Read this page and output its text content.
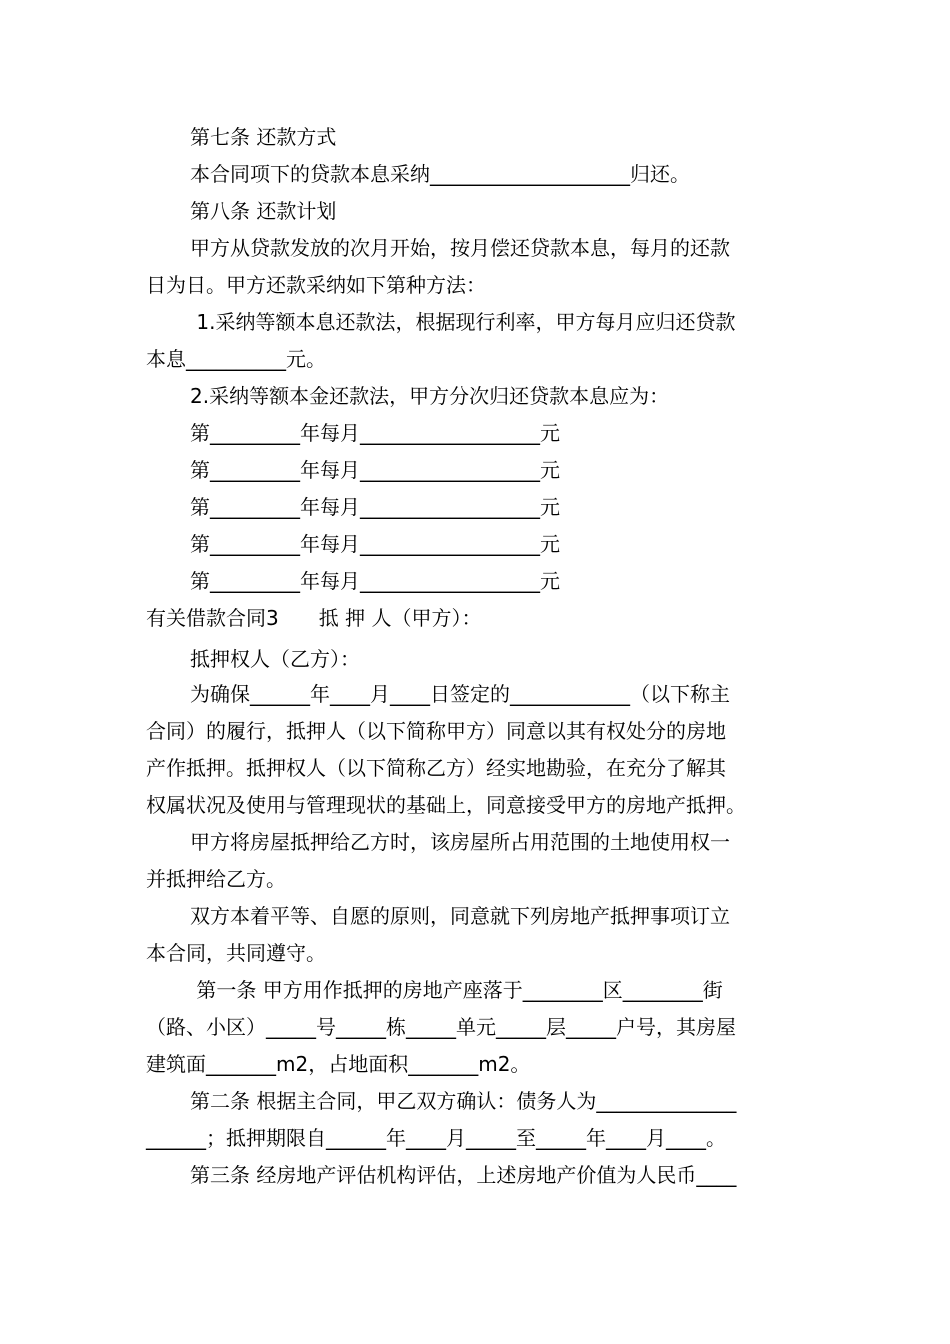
第七条 还款方式
本合同项下的贷款本息采纳____________________归还。
第八条 还款计划
甲方从贷款发放的次月开始，按月偿还贷款本息，每月的还款
日为日。甲方还款采纳如下第种方法：
1.采纳等额本息还款法，根据现行利率，甲方每月应归还贷款
本息__________元。
2.采纳等额本金还款法，甲方分次归还贷款本息应为：
第_________年每月__________________元
第_________年每月__________________元
第_________年每月__________________元
第_________年每月__________________元
第_________年每月__________________元
有关借款合同3　　抵 押 人（甲方）：
抵押权人（乙方）：
为确保______年____月____日签定的____________（以下称主
合同）的履行，抵押人（以下简称甲方）同意以其有权处分的房地
产作抵押。抵押权人（以下简称乙方）经实地勘验，在充分了解其
权属状况及使用与管理现状的基础上，同意接受甲方的房地产抵押。
甲方将房屋抵押给乙方时，该房屋所占用范围的土地使用权一
并抵押给乙方。
双方本着平等、自愿的原则，同意就下列房地产抵押事项订立
本合同，共同遵守。
第一条 甲方用作抵押的房地产座落于________区________街
（路、小区）_____号_____栋_____单元_____层_____户号，其房屋
建筑面_______m2，占地面积_______m2。
第二条 根据主合同，甲乙双方确认：债务人为______________
______；抵押期限自______年____月_____至_____年____月____。
第三条 经房地产评估机构评估，上述房地产价值为人民币____
